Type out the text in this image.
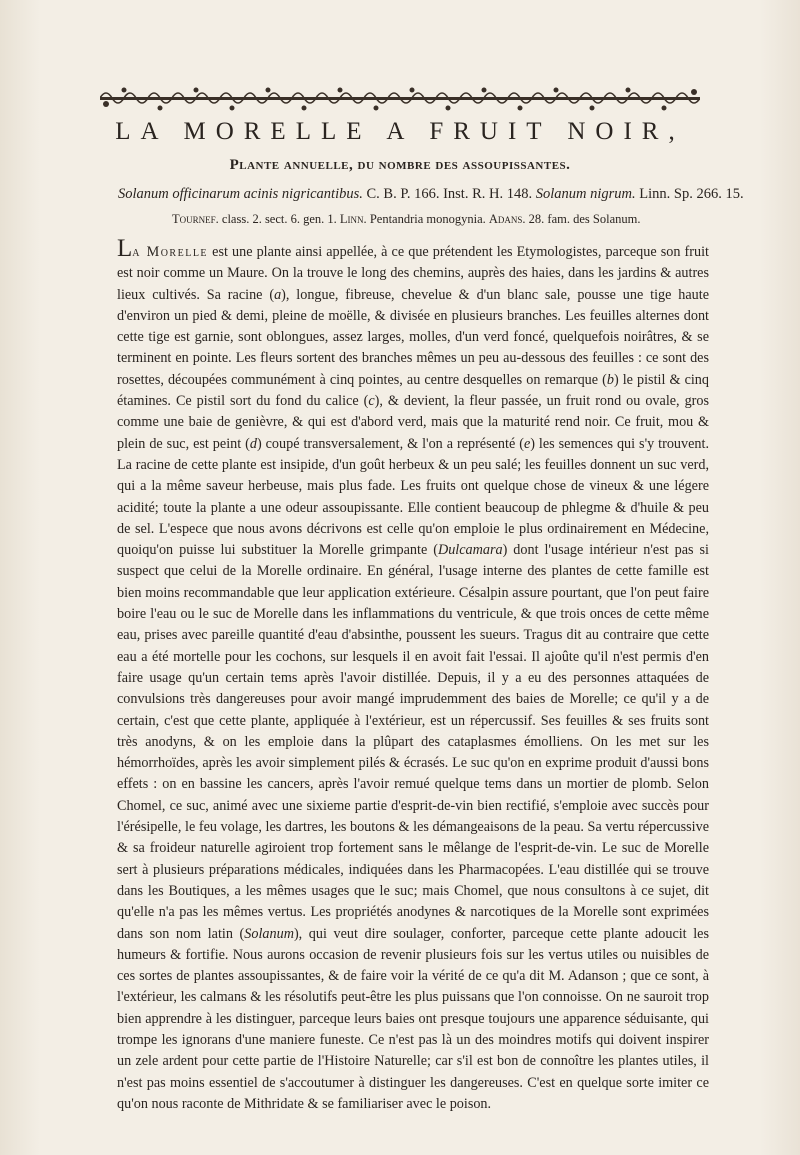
LA MORELLE A FRUIT NOIR,
Plante annuelle, du nombre des assoupissantes.

Solanum officinarum acinis nigricantibus. C. B. P. 166. Inst. R. H. 148. Solanum nigrum. Linn. Sp. 266. 15.

Tournef. class. 2. sect. 6. gen. 1. Linn. Pentandria monogynia. Adans. 28. fam. des Solanum.

La Morelle est une plante ainsi appellée, à ce que prétendent les Etymologistes, parceque son fruit est noir comme un Maure. On la trouve le long des chemins, auprès des haies, dans les jardins & autres lieux cultivés. Sa racine (a), longue, fibreuse, chevelue & d'un blanc sale, pousse une tige haute d'environ un pied & demi, pleine de moëlle, & divisée en plusieurs branches. Les feuilles alternes dont cette tige est garnie, sont oblongues, assez larges, molles, d'un verd foncé, quelquefois noirâtres, & se terminent en pointe. Les fleurs sortent des branches mêmes un peu au-dessous des feuilles : ce sont des rosettes, découpées communément à cinq pointes, au centre desquelles on remarque (b) le pistil & cinq étamines. Ce pistil sort du fond du calice (c), & devient, la fleur passée, un fruit rond ou ovale, gros comme une baie de genièvre, & qui est d'abord verd, mais que la maturité rend noir. Ce fruit, mou & plein de suc, est peint (d) coupé transversalement, & l'on a représenté (e) les semences qui s'y trouvent. La racine de cette plante est insipide, d'un goût herbeux & un peu salé; les feuilles donnent un suc verd, qui a la même saveur herbeuse, mais plus fade. Les fruits ont quelque chose de vineux & une légere acidité; toute la plante a une odeur assoupissante. Elle contient beaucoup de phlegme & d'huile & peu de sel. L'espece que nous avons décrivons est celle qu'on emploie le plus ordinairement en Médecine, quoiqu'on puisse lui substituer la Morelle grimpante (Dulcamara) dont l'usage intérieur n'est pas si suspect que celui de la Morelle ordinaire. En général, l'usage interne des plantes de cette famille est bien moins recommandable que leur application extérieure. Césalpin assure pourtant, que l'on peut faire boire l'eau ou le suc de Morelle dans les inflammations du ventricule, & que trois onces de cette même eau, prises avec pareille quantité d'eau d'absinthe, poussent les sueurs. Tragus dit au contraire que cette eau a été mortelle pour les cochons, sur lesquels il en avoit fait l'essai. Il ajoûte qu'il n'est permis d'en faire usage qu'un certain tems après l'avoir distillée. Depuis, il y a eu des personnes attaquées de convulsions très dangereuses pour avoir mangé imprudemment des baies de Morelle; ce qu'il y a de certain, c'est que cette plante, appliquée à l'extérieur, est un répercussif. Ses feuilles & ses fruits sont très anodyns, & on les emploie dans la plûpart des cataplasmes émolliens. On les met sur les hémorrhoïdes, après les avoir simplement pilés & écrasés. Le suc qu'on en exprime produit d'aussi bons effets : on en bassine les cancers, après l'avoir remué quelque tems dans un mortier de plomb. Selon Chomel, ce suc, animé avec une sixieme partie d'esprit-de-vin bien rectifié, s'emploie avec succès pour l'érésipelle, le feu volage, les dartres, les boutons & les démangeaisons de la peau. Sa vertu répercussive & sa froideur naturelle agiroient trop fortement sans le mêlange de l'esprit-de-vin. Le suc de Morelle sert à plusieurs préparations médicales, indiquées dans les Pharmacopées. L'eau distillée qui se trouve dans les Boutiques, a les mêmes usages que le suc; mais Chomel, que nous consultons à ce sujet, dit qu'elle n'a pas les mêmes vertus. Les propriétés anodynes & narcotiques de la Morelle sont exprimées dans son nom latin (Solanum), qui veut dire soulager, conforter, parceque cette plante adoucit les humeurs & fortifie. Nous aurons occasion de revenir plusieurs fois sur les vertus utiles ou nuisibles de ces sortes de plantes assoupissantes, & de faire voir la vérité de ce qu'a dit M. Adanson ; que ce sont, à l'extérieur, les calmans & les résolutifs peut-être les plus puissans que l'on connoisse. On ne sauroit trop bien apprendre à les distinguer, parceque leurs baies ont presque toujours une apparence séduisante, qui trompe les ignorans d'une maniere funeste. Ce n'est pas là un des moindres motifs qui doivent inspirer un zele ardent pour cette partie de l'Histoire Naturelle; car s'il est bon de connoître les plantes utiles, il n'est pas moins essentiel de s'accoutumer à distinguer les dangereuses. C'est en quelque sorte imiter ce qu'on nous raconte de Mithridate & se familiariser avec le poison.
